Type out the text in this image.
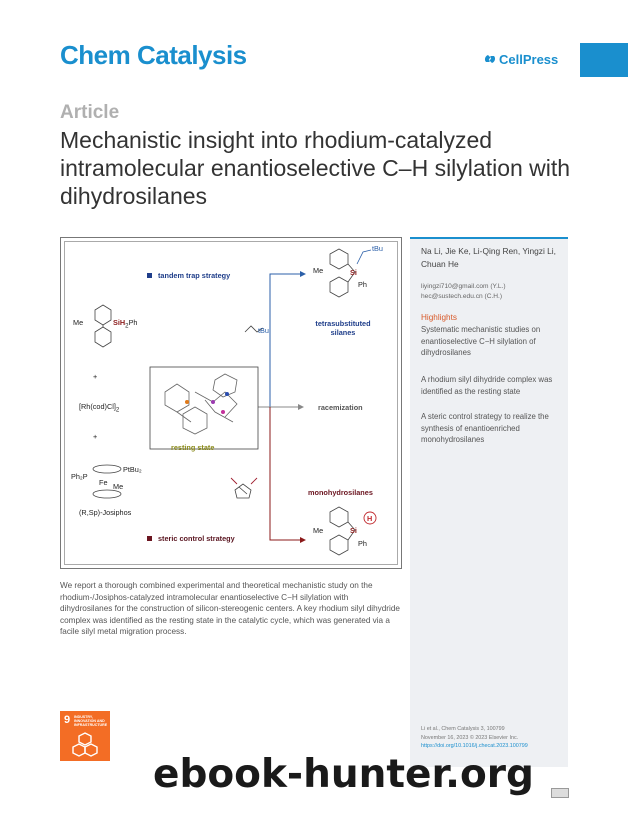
Chem Catalysis	CellPress
Article
Mechanistic insight into rhodium-catalyzed intramolecular enantioselective C–H silylation with dihydrosilanes
tandem trap strategy
steric control strategy
tetrasubstituted silanes
racemization
monohydrosilanes
resting state
Me	SiH$_2$Ph
+
$[Rh(cod)Cl]_2$
+
Ph₂P
PtBu₂
Fe Me
(R,Sp)-Josiphos
tBu
Me	Si
Ph
tBu
Me	Si
Ph
H
We report a thorough combined experimental and theoretical mechanistic study on the rhodium-/Josiphos-catalyzed intramolecular enantioselective C−H silylation with dihydrosilanes for the construction of silicon-stereogenic centers. A key rhodium silyl dihydride complex was identified as the resting state in the catalytic cycle, which was generated via a facile silyl metal migration process.
Na Li, Jie Ke, Li-Qing Ren, Yingzi Li, Chuan He
liyingzi710@gmail.com (Y.L.)
hec@sustech.edu.cn (C.H.)
Highlights
Systematic mechanistic studies on enantioselective C−H silylation of dihydrosilanes
A rhodium silyl dihydride complex was identified as the resting state
A steric control strategy to realize the synthesis of enantioenriched monohydrosilanes
Li et al., Chem Catalysis 3, 100799
November 16, 2023 © 2023 Elsevier Inc.
https://doi.org/10.1016/j.checat.2023.100799
9 INDUSTRY, INNOVATION AND INFRASTRUCTURE
ebook-hunter.org
